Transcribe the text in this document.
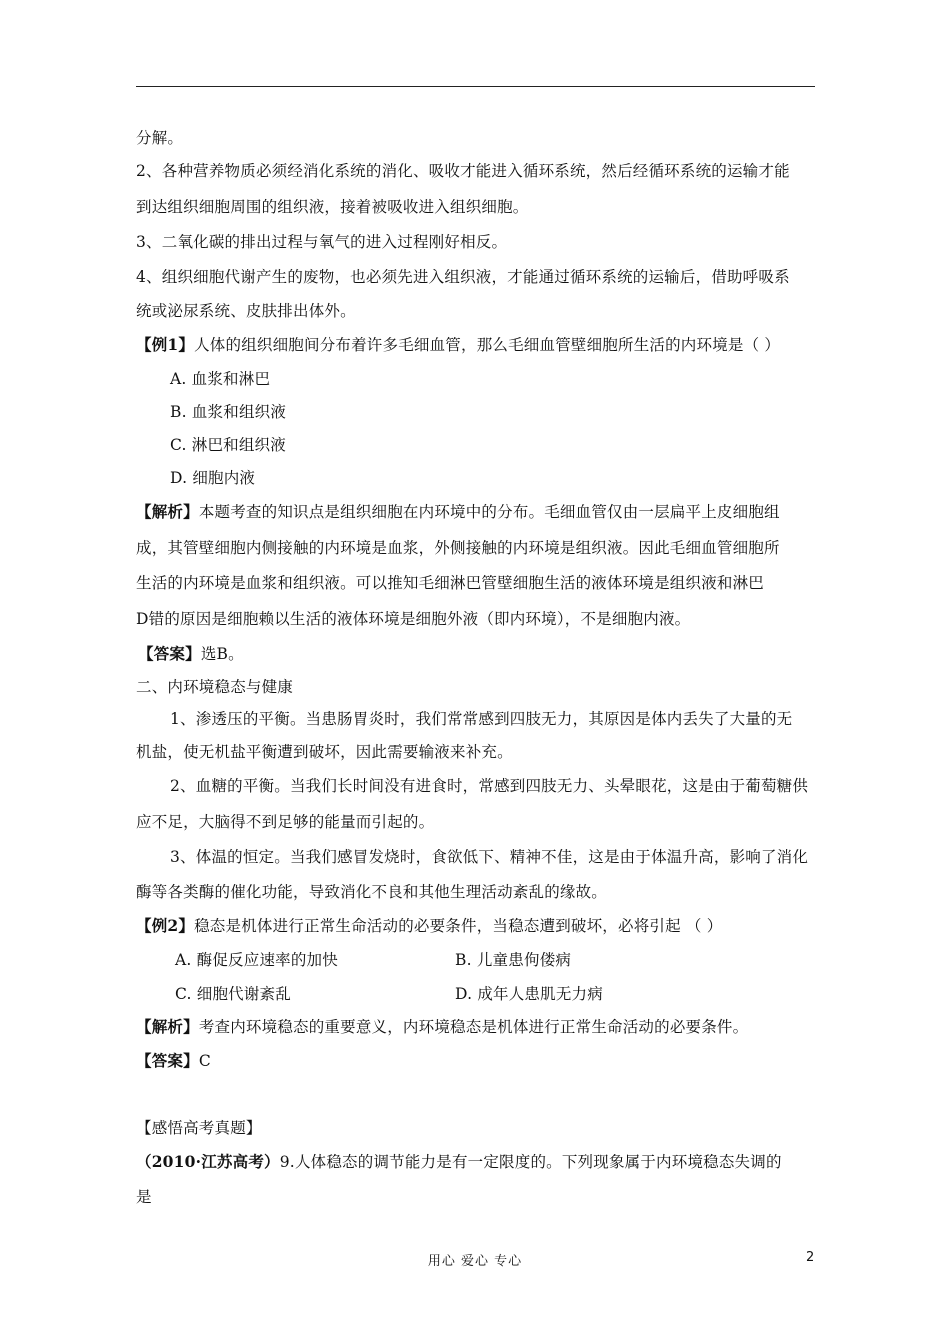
分解。
2、各种营养物质必须经消化系统的消化、吸收才能进入循环系统，然后经循环系统的运输才能
到达组织细胞周围的组织液，接着被吸收进入组织细胞。
3、二氧化碳的排出过程与氧气的进入过程刚好相反。
4、组织细胞代谢产生的废物，也必须先进入组织液，才能通过循环系统的运输后，借助呼吸系
统或泌尿系统、皮肤排出体外。
【例1】人体的组织细胞间分布着许多毛细血管，那么毛细血管壁细胞所生活的内环境是（ ）
A. 血浆和淋巴
B. 血浆和组织液
C. 淋巴和组织液
D. 细胞内液
【解析】本题考查的知识点是组织细胞在内环境中的分布。毛细血管仅由一层扁平上皮细胞组
成，其管壁细胞内侧接触的内环境是血浆，外侧接触的内环境是组织液。因此毛细血管细胞所
生活的内环境是血浆和组织液。可以推知毛细淋巴管壁细胞生活的液体环境是组织液和淋巴
D错的原因是细胞赖以生活的液体环境是细胞外液（即内环境），不是细胞内液。
【答案】选B。
二、内环境稳态与健康
1、渗透压的平衡。当患肠胃炎时，我们常常感到四肢无力，其原因是体内丢失了大量的无
机盐，使无机盐平衡遭到破坏，因此需要输液来补充。
2、血糖的平衡。当我们长时间没有进食时，常感到四肢无力、头晕眼花，这是由于葡萄糖供
应不足，大脑得不到足够的能量而引起的。
3、体温的恒定。当我们感冒发烧时，食欲低下、精神不佳，这是由于体温升高，影响了消化
酶等各类酶的催化功能，导致消化不良和其他生理活动紊乱的缘故。
【例2】稳态是机体进行正常生命活动的必要条件，当稳态遭到破坏，必将引起 （ ）
A. 酶促反应速率的加快	B. 儿童患佝偻病
C. 细胞代谢紊乱	D. 成年人患肌无力病
【解析】考查内环境稳态的重要意义，内环境稳态是机体进行正常生命活动的必要条件。
【答案】C
【感悟高考真题】
（2010·江苏高考）9.人体稳态的调节能力是有一定限度的。下列现象属于内环境稳态失调的
是
用心 爱心 专心	2
